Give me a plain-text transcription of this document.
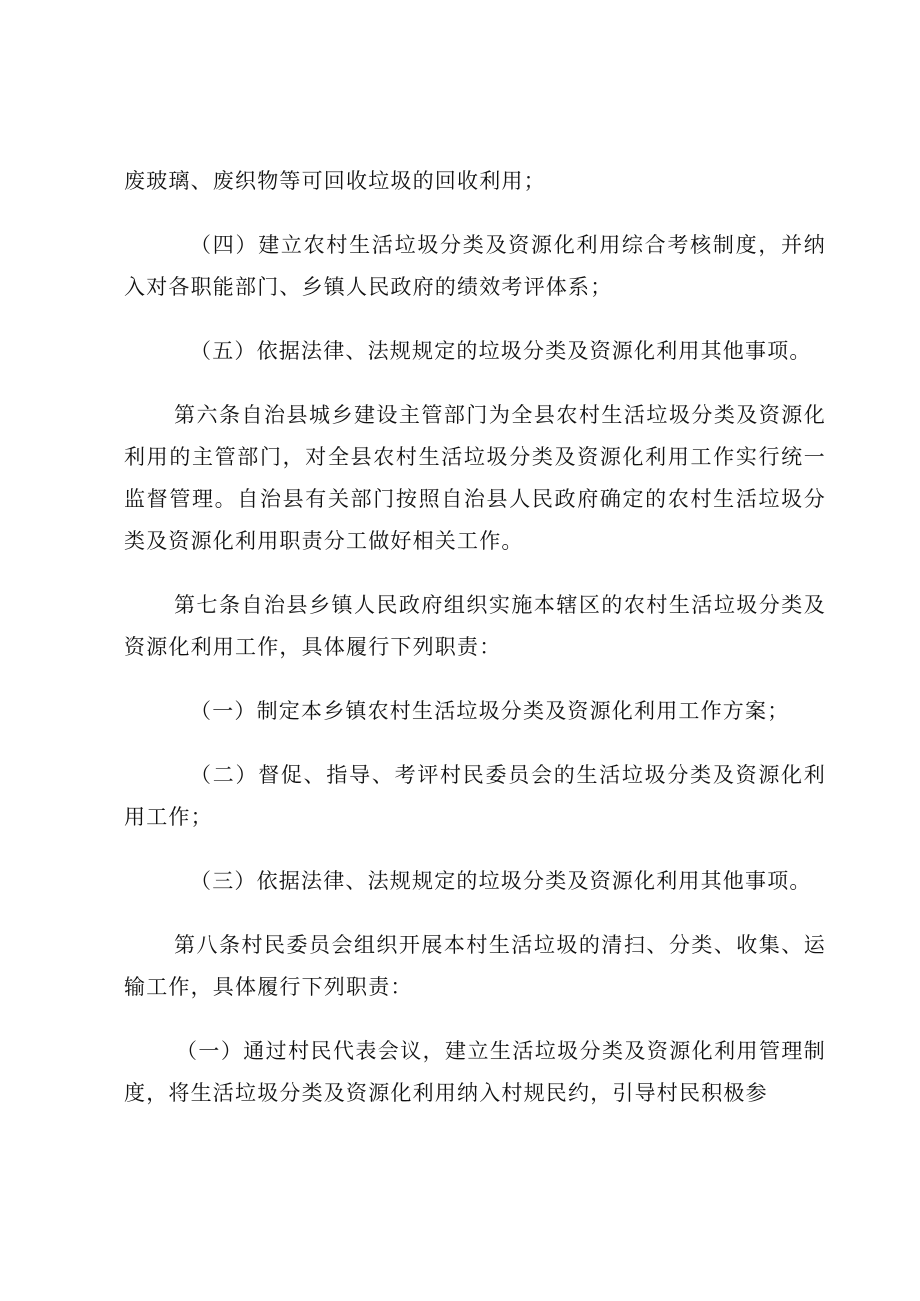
废玻璃、废织物等可回收垃圾的回收利用；

（四）建立农村生活垃圾分类及资源化利用综合考核制度，并纳入对各职能部门、乡镇人民政府的绩效考评体系；

（五）依据法律、法规规定的垃圾分类及资源化利用其他事项。

第六条自治县城乡建设主管部门为全县农村生活垃圾分类及资源化利用的主管部门，对全县农村生活垃圾分类及资源化利用工作实行统一监督管理。自治县有关部门按照自治县人民政府确定的农村生活垃圾分类及资源化利用职责分工做好相关工作。

第七条自治县乡镇人民政府组织实施本辖区的农村生活垃圾分类及资源化利用工作，具体履行下列职责：

（一）制定本乡镇农村生活垃圾分类及资源化利用工作方案；

（二）督促、指导、考评村民委员会的生活垃圾分类及资源化利用工作；

（三）依据法律、法规规定的垃圾分类及资源化利用其他事项。

第八条村民委员会组织开展本村生活垃圾的清扫、分类、收集、运输工作，具体履行下列职责：

（一）通过村民代表会议，建立生活垃圾分类及资源化利用管理制度，将生活垃圾分类及资源化利用纳入村规民约，引导村民积极参
